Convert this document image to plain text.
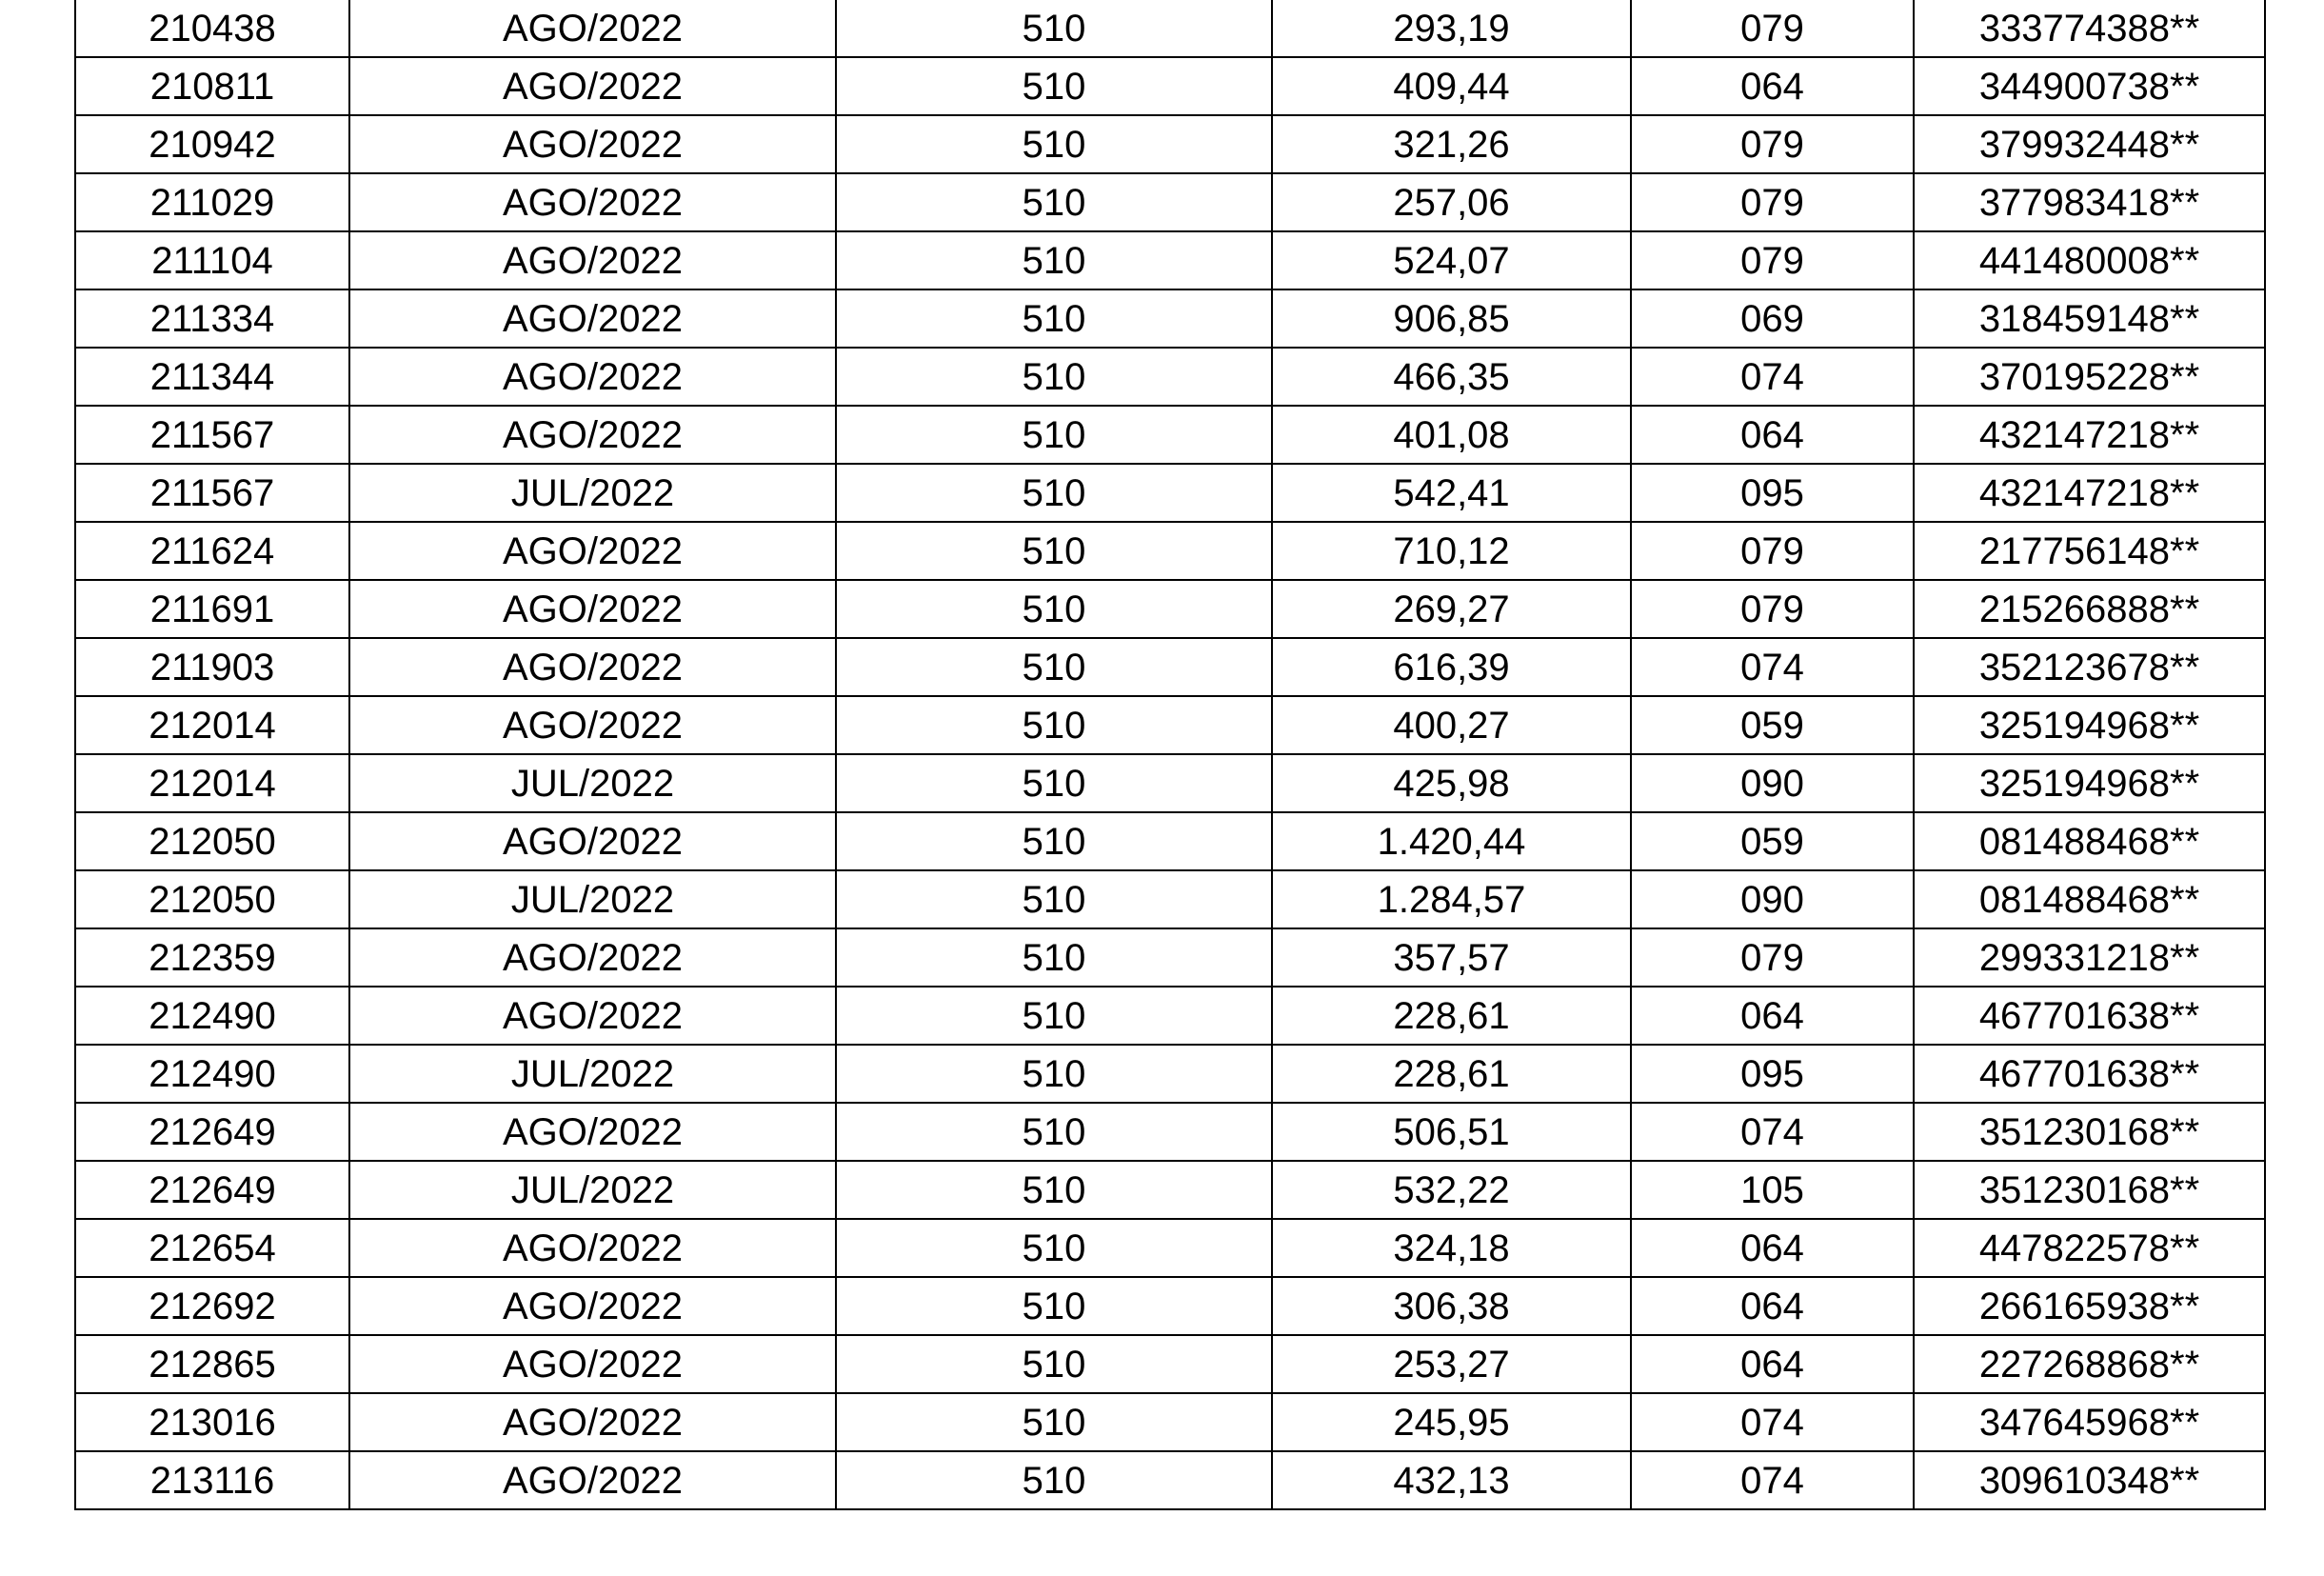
210438	AGO/2022	510	293,19	079	333774388**
210811	AGO/2022	510	409,44	064	344900738**
210942	AGO/2022	510	321,26	079	379932448**
211029	AGO/2022	510	257,06	079	377983418**
211104	AGO/2022	510	524,07	079	441480008**
211334	AGO/2022	510	906,85	069	318459148**
211344	AGO/2022	510	466,35	074	370195228**
211567	AGO/2022	510	401,08	064	432147218**
211567	JUL/2022	510	542,41	095	432147218**
211624	AGO/2022	510	710,12	079	217756148**
211691	AGO/2022	510	269,27	079	215266888**
211903	AGO/2022	510	616,39	074	352123678**
212014	AGO/2022	510	400,27	059	325194968**
212014	JUL/2022	510	425,98	090	325194968**
212050	AGO/2022	510	1.420,44	059	081488468**
212050	JUL/2022	510	1.284,57	090	081488468**
212359	AGO/2022	510	357,57	079	299331218**
212490	AGO/2022	510	228,61	064	467701638**
212490	JUL/2022	510	228,61	095	467701638**
212649	AGO/2022	510	506,51	074	351230168**
212649	JUL/2022	510	532,22	105	351230168**
212654	AGO/2022	510	324,18	064	447822578**
212692	AGO/2022	510	306,38	064	266165938**
212865	AGO/2022	510	253,27	064	227268868**
213016	AGO/2022	510	245,95	074	347645968**
213116	AGO/2022	510	432,13	074	309610348**
